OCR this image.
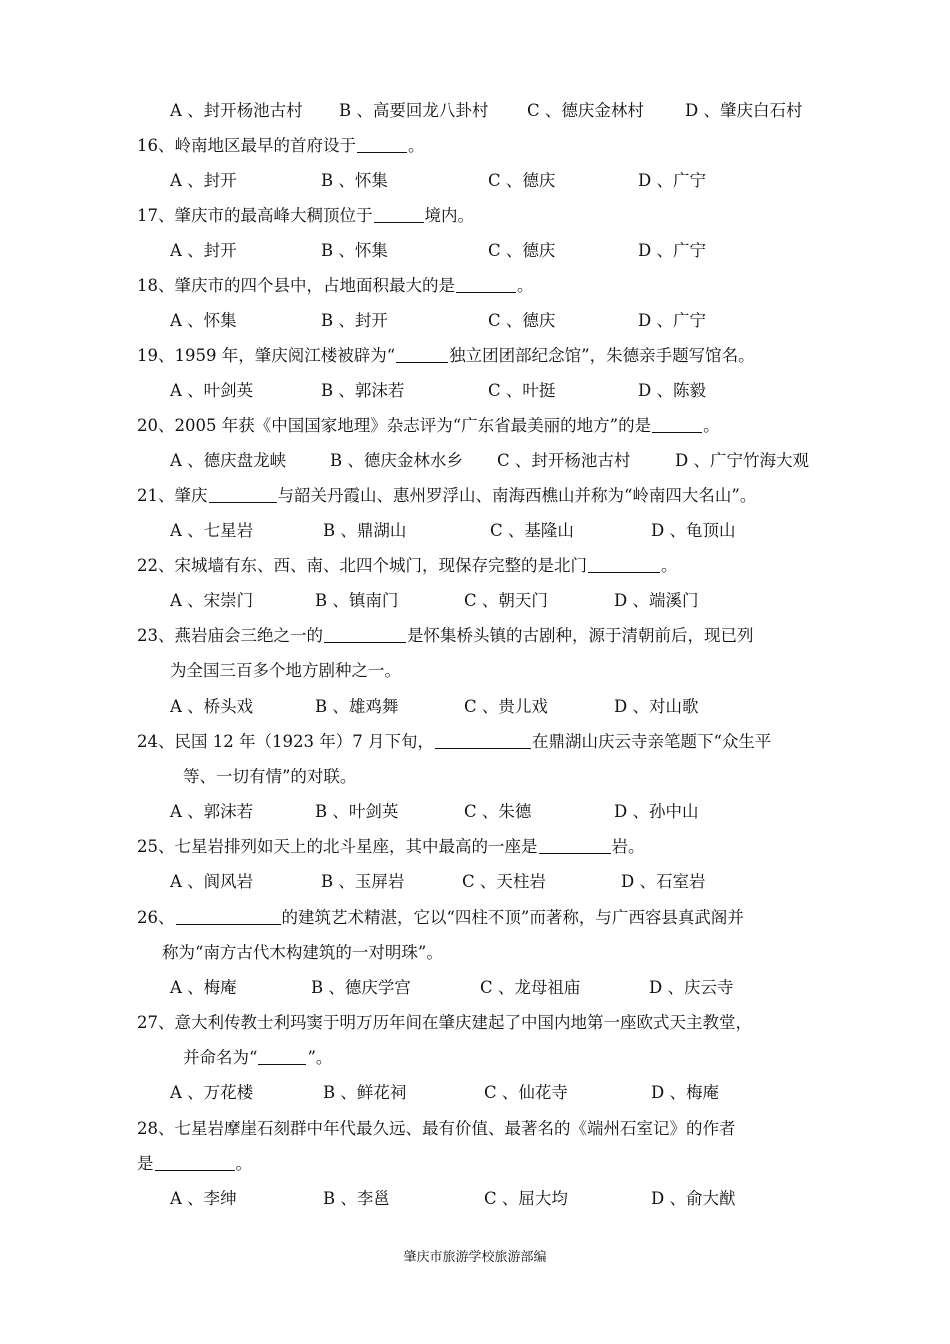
A 、封开杨池古村 B 、高要回龙八卦村 C 、德庆金林村 D 、肇庆白石村
16、岭南地区最早的首府设于	。
A 、封开	B 、怀集	C 、德庆	D 、广宁
17、肇庆市的最高峰大稠顶位于	境内。
A 、封开	B 、怀集	C 、德庆	D 、广宁
18、肇庆市的四个县中，占地面积最大的是	。
A 、怀集	B 、封开	C 、德庆	D 、广宁
19、1959 年，肇庆阅江楼被辟为“	独立团团部纪念馆”，朱德亲手题写馆名。
A 、叶剑英	B 、郭沫若	C 、叶挺	D 、陈毅
20、2005 年获《中国国家地理》杂志评为“广东省最美丽的地方”的是	。
A 、德庆盘龙峡	B 、德庆金林水乡 C 、封开杨池古村	D 、广宁竹海大观
21、肇庆	与韶关丹霞山、惠州罗浮山、南海西樵山并称为“岭南四大名山”。
A 、七星岩	B 、鼎湖山	C 、基隆山	D 、龟顶山
22、宋城墙有东、西、南、北四个城门，现保存完整的是北门	。
A 、宋崇门	B 、镇南门	C 、朝天门	D 、端溪门
23、燕岩庙会三绝之一的	是怀集桥头镇的古剧种，源于清朝前后，现已列
为全国三百多个地方剧种之一。
A 、桥头戏	B 、雄鸡舞	C 、贵儿戏	D 、对山歌
24、民国 12 年（1923 年）7 月下旬，	在鼎湖山庆云寺亲笔题下“众生平
等、一切有情”的对联。
A 、郭沫若	B 、叶剑英	C 、朱德	D 、孙中山
25、七星岩排列如天上的北斗星座，其中最高的一座是	岩。
A 、阆风岩	B 、玉屏岩	C 、天柱岩	D 、石室岩
26、	的建筑艺术精湛，它以“四柱不顶”而著称，与广西容县真武阁并
称为“南方古代木构建筑的一对明珠”。
A 、梅庵	B 、德庆学宫	C 、龙母祖庙	D 、庆云寺
27、意大利传教士利玛窦于明万历年间在肇庆建起了中国内地第一座欧式天主教堂，
并命名为“	”。
A 、万花楼	B 、鲜花祠	C 、仙花寺	D 、梅庵
28、七星岩摩崖石刻群中年代最久远、最有价值、最著名的《端州石室记》的作者
是	。
A 、李绅	B 、李邕	C 、屈大均	D 、俞大猷
肇庆市旅游学校旅游部编
